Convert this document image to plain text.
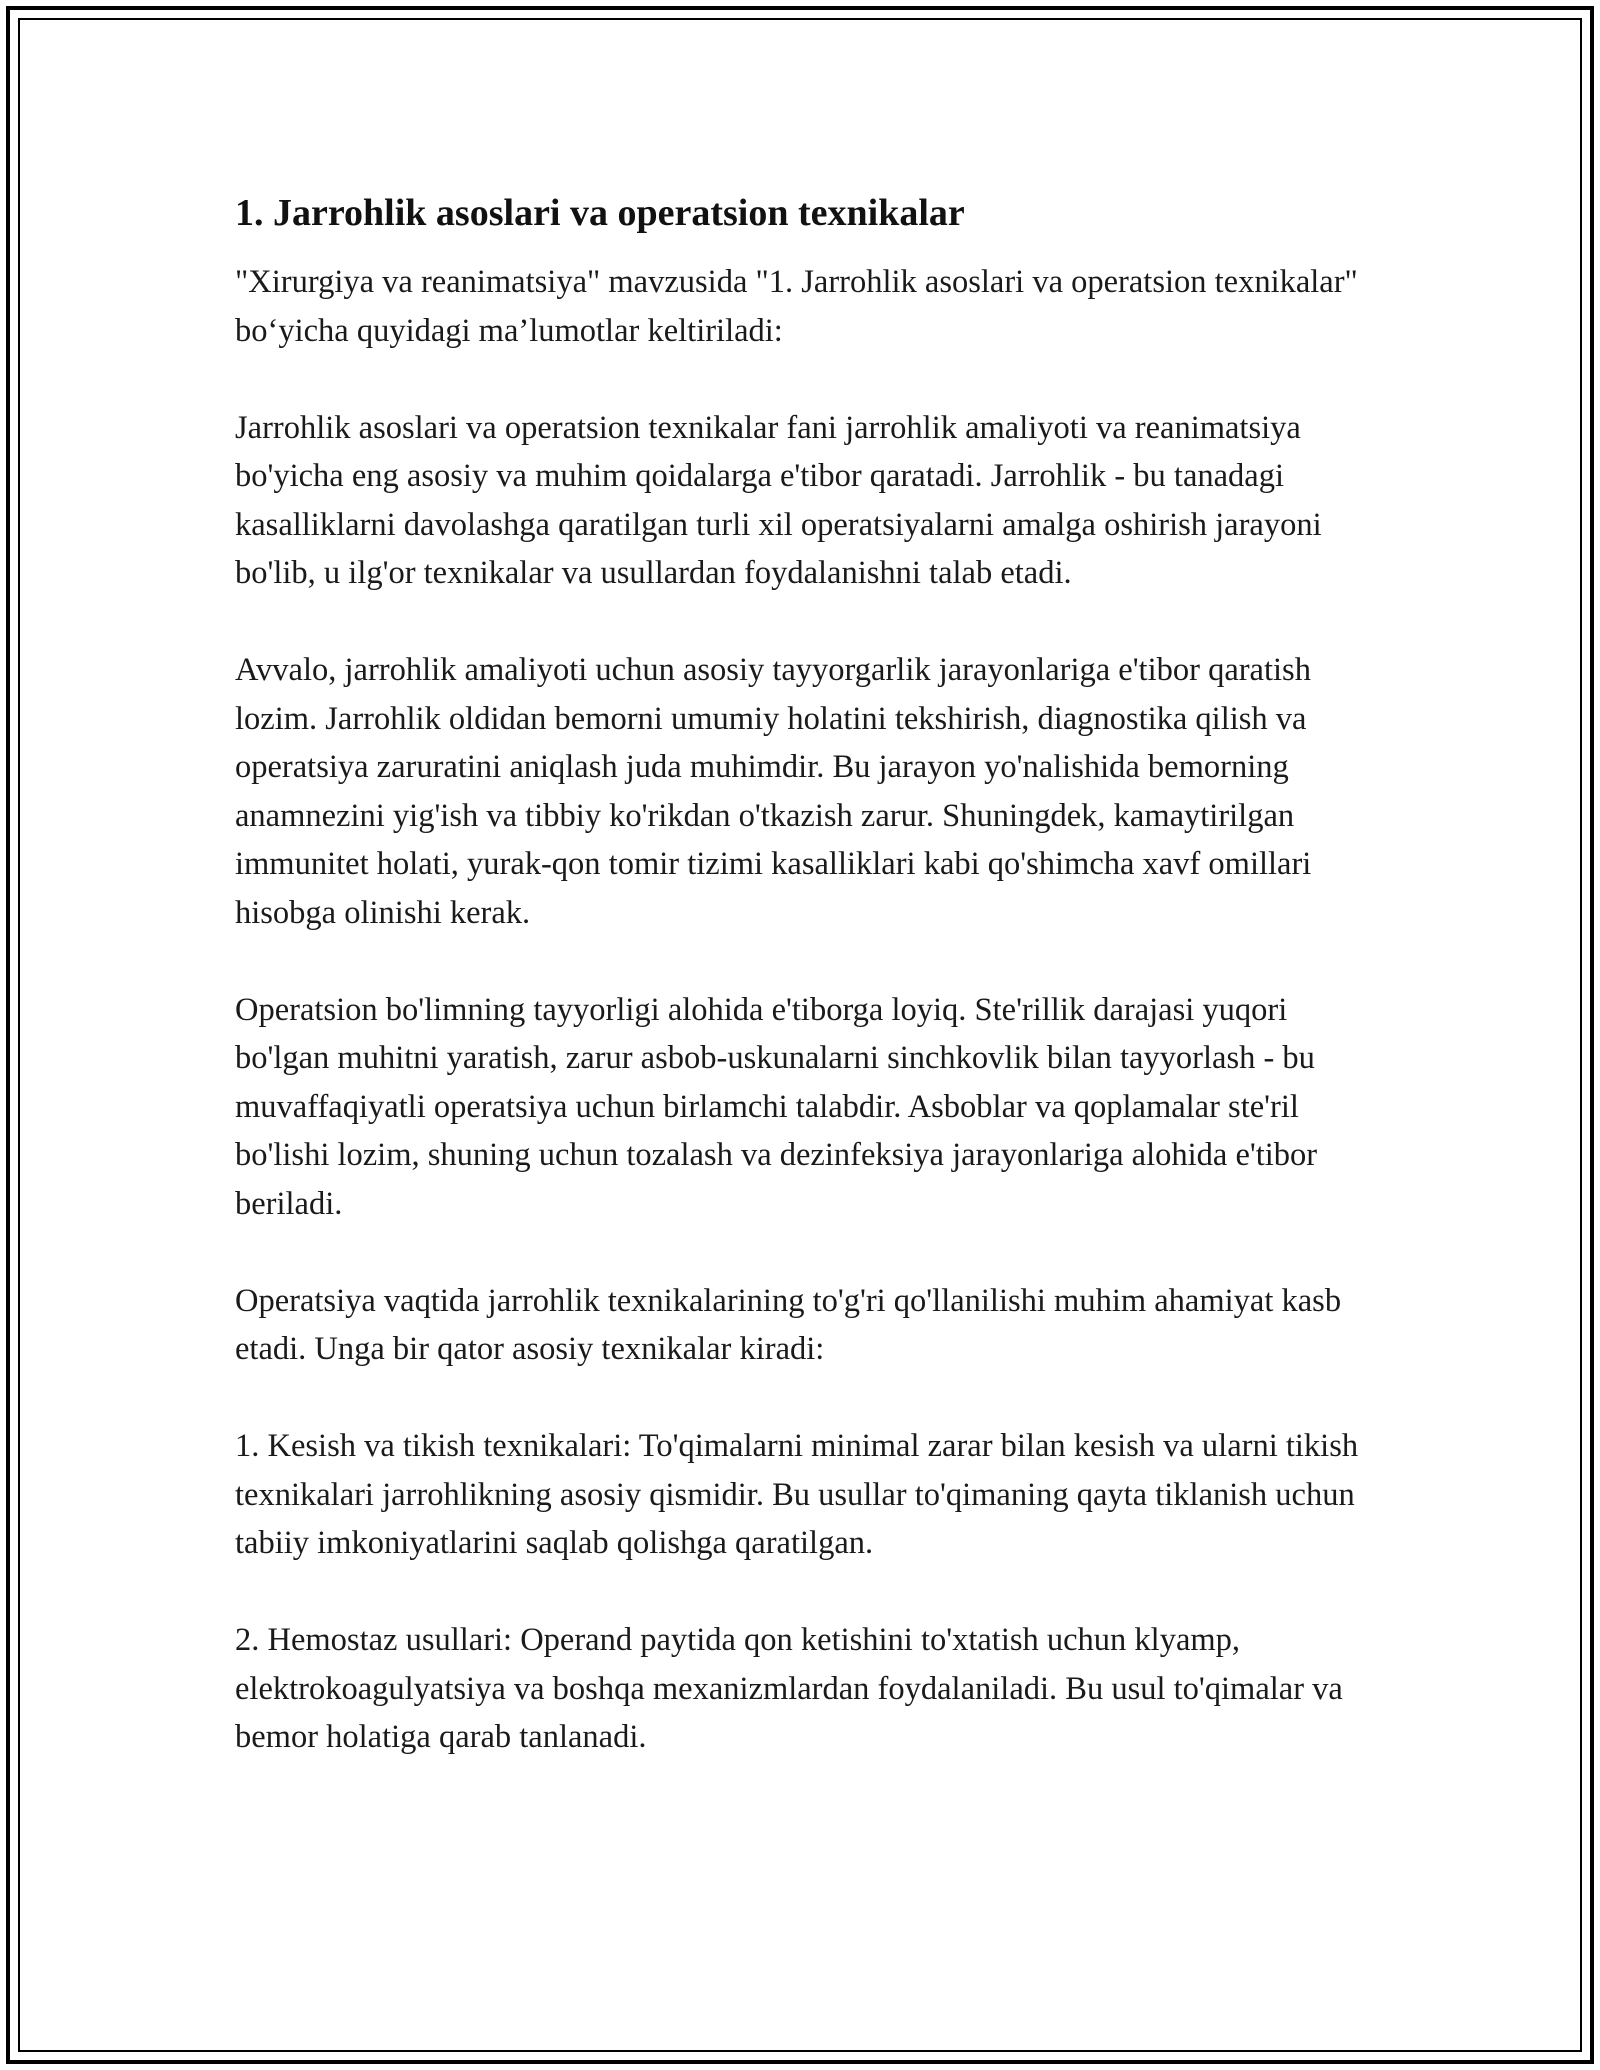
1. Jarrohlik asoslari va operatsion texnikalar

"Xirurgiya va reanimatsiya" mavzusida "1. Jarrohlik asoslari va operatsion texnikalar" bo‘yicha quyidagi ma’lumotlar keltiriladi:

Jarrohlik asoslari va operatsion texnikalar fani jarrohlik amaliyoti va reanimatsiya bo'yicha eng asosiy va muhim qoidalarga e'tibor qaratadi. Jarrohlik - bu tanadagi kasalliklarni davolashga qaratilgan turli xil operatsiyalarni amalga oshirish jarayoni bo'lib, u ilg'or texnikalar va usullardan foydalanishni talab etadi.

Avvalo, jarrohlik amaliyoti uchun asosiy tayyorgarlik jarayonlariga e'tibor qaratish lozim. Jarrohlik oldidan bemorni umumiy holatini tekshirish, diagnostika qilish va operatsiya zaruratini aniqlash juda muhimdir. Bu jarayon yo'nalishida bemorning anamnezini yig'ish va tibbiy ko'rikdan o'tkazish zarur. Shuningdek, kamaytirilgan immunitet holati, yurak-qon tomir tizimi kasalliklari kabi qo'shimcha xavf omillari hisobga olinishi kerak.

Operatsion bo'limning tayyorligi alohida e'tiborga loyiq. Ste'rillik darajasi yuqori bo'lgan muhitni yaratish, zarur asbob-uskunalarni sinchkovlik bilan tayyorlash - bu muvaffaqiyatli operatsiya uchun birlamchi talabdir. Asboblar va qoplamalar ste'ril bo'lishi lozim, shuning uchun tozalash va dezinfeksiya jarayonlariga alohida e'tibor beriladi.

Operatsiya vaqtida jarrohlik texnikalarining to'g'ri qo'llanilishi muhim ahamiyat kasb etadi. Unga bir qator asosiy texnikalar kiradi:

1. Kesish va tikish texnikalari: To'qimalarni minimal zarar bilan kesish va ularni tikish texnikalari jarrohlikning asosiy qismidir. Bu usullar to'qimaning qayta tiklanish uchun tabiiy imkoniyatlarini saqlab qolishga qaratilgan.

2. Hemostaz usullari: Operand paytida qon ketishini to'xtatish uchun klyamp, elektrokoagulyatsiya va boshqa mexanizmlardan foydalaniladi. Bu usul to'qimalar va bemor holatiga qarab tanlanadi.
